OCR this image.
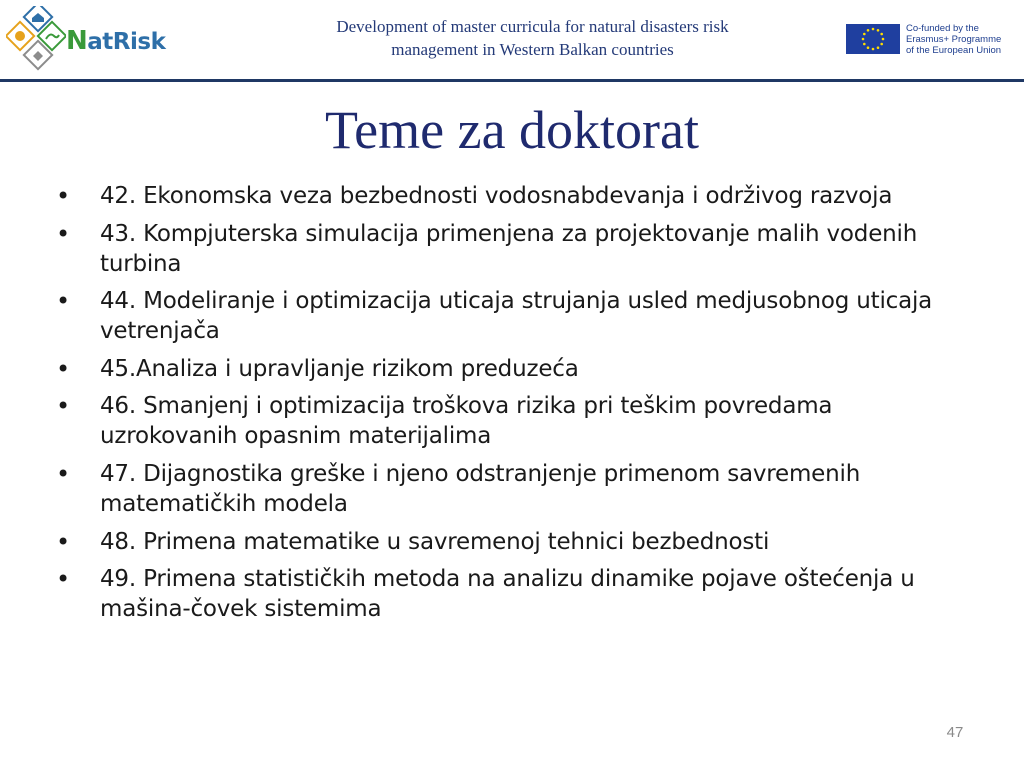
NatRisk
Development of master curricula for natural disasters risk
management in Western Balkan countries
Co-funded by the
Erasmus+ Programme
of the European Union
Teme za doktorat
• 42. Ekonomska veza bezbednosti vodosnabdevanja i održivog razvoja
• 43. Kompjuterska simulacija primenjena za projektovanje malih vodenih turbina
• 44. Modeliranje i optimizacija uticaja strujanja usled medjusobnog uticaja vetrenjača
• 45.Analiza i upravljanje rizikom preduzeća
• 46. Smanjenj i optimizacija troškova rizika pri teškim povredama uzrokovanih opasnim materijalima
• 47. Dijagnostika greške i njeno odstranjenje primenom savremenih matematičkih modela
• 48. Primena matematike u savremenoj tehnici bezbednosti
• 49. Primena statističkih metoda na analizu dinamike pojave oštećenja u mašina-čovek sistemima
47
